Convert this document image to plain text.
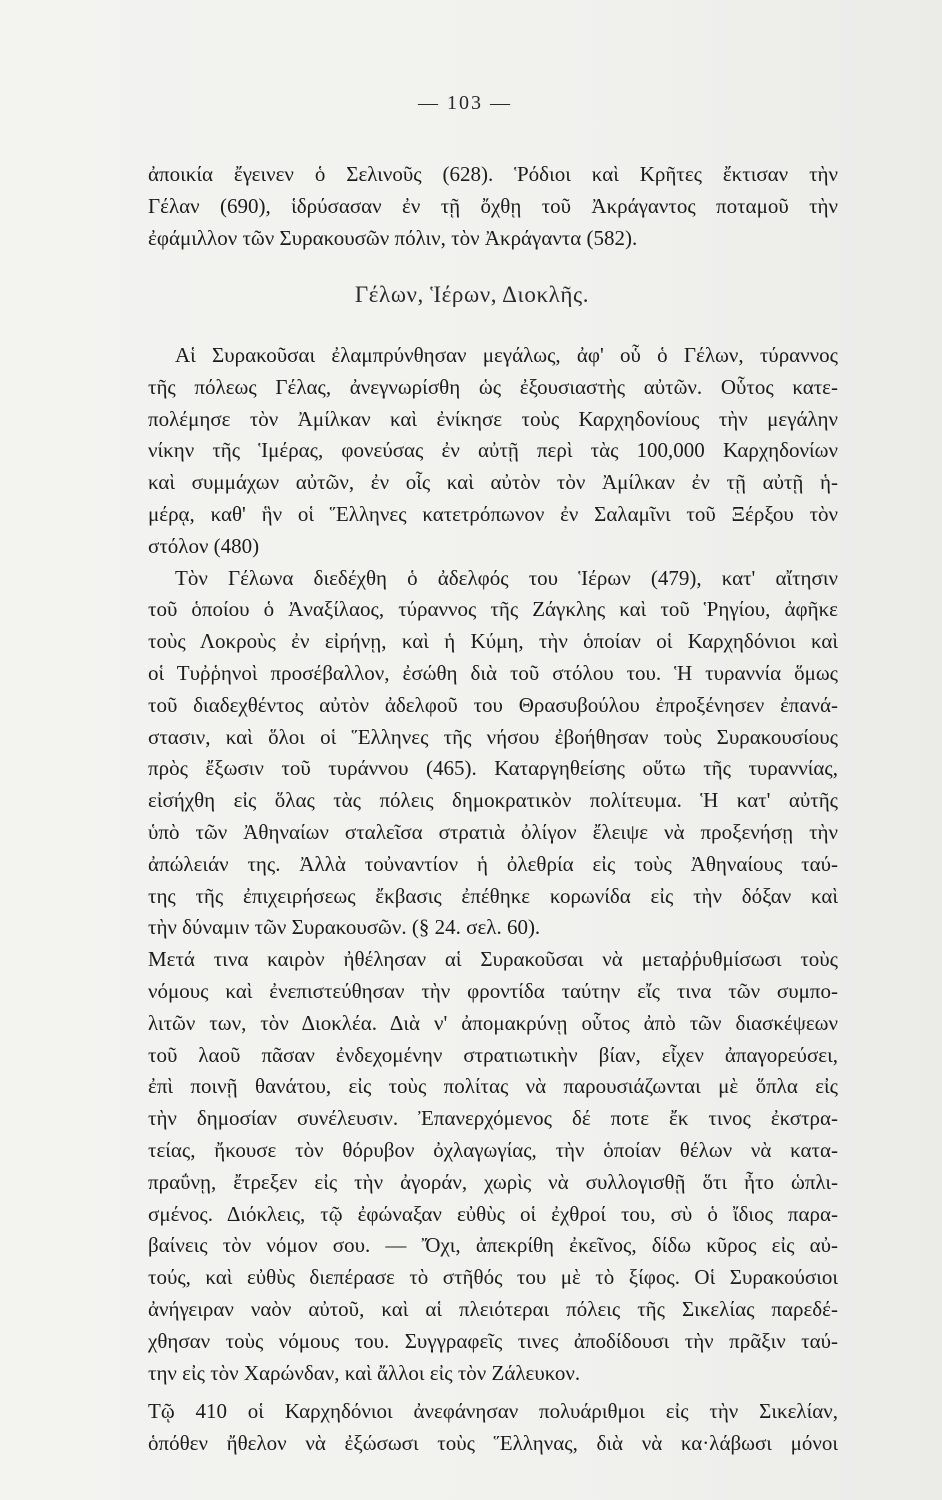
— 103 —
ἀποικία ἔγεινεν ὁ Σελινοῦς (628). Ῥόδιοι καὶ Κρῆτες ἔκτισαν τὴν
Γέλαν (690), ἱδρύσασαν ἐν τῇ ὄχθῃ τοῦ Ἀκράγαντος ποταμοῦ τὴν
ἐφάμιλλον τῶν Συρακουσῶν πόλιν, τὸν Ἀκράγαντα (582).
Γέλων, Ἱέρων, Διοκλῆς.
Αἱ Συρακοῦσαι ἐλαμπρύνθησαν μεγάλως, ἀφ' οὗ ὁ Γέλων, τύραννος
τῆς πόλεως Γέλας, ἀνεγνωρίσθη ὡς ἐξουσιαστὴς αὐτῶν. Οὗτος κατε-
πολέμησε τὸν Ἀμίλκαν καὶ ἐνίκησε τοὺς Καρχηδονίους τὴν μεγάλην
νίκην τῆς Ἱμέρας, φονεύσας ἐν αὐτῇ περὶ τὰς 100,000 Καρχηδονίων
καὶ συμμάχων αὐτῶν, ἐν οἷς καὶ αὐτὸν τὸν Ἀμίλκαν ἐν τῇ αὐτῇ ἡ-
μέρᾳ, καθ' ἣν οἱ Ἕλληνες κατετρόπωνον ἐν Σαλαμῖνι τοῦ Ξέρξου τὸν
στόλον (480)
Τὸν Γέλωνα διεδέχθη ὁ ἀδελφός του Ἱέρων (479), κατ' αἴτησιν
τοῦ ὁποίου ὁ Ἀναξίλαος, τύραννος τῆς Ζάγκλης καὶ τοῦ Ῥηγίου, ἀφῆκε
τοὺς Λοκροὺς ἐν εἰρήνῃ, καὶ ἡ Κύμη, τὴν ὁποίαν οἱ Καρχηδόνιοι καὶ
οἱ Τυῤῥηνοὶ προσέβαλλον, ἐσώθη διὰ τοῦ στόλου του. Ἡ τυραννία ὅμως
τοῦ διαδεχθέντος αὐτὸν ἀδελφοῦ του Θρασυβούλου ἐπροξένησεν ἐπανά-
στασιν, καὶ ὅλοι οἱ Ἕλληνες τῆς νήσου ἐβοήθησαν τοὺς Συρακουσίους
πρὸς ἔξωσιν τοῦ τυράννου (465). Καταργηθείσης οὕτω τῆς τυραννίας,
εἰσήχθη εἰς ὅλας τὰς πόλεις δημοκρατικὸν πολίτευμα. Ἡ κατ' αὐτῆς
ὑπὸ τῶν Ἀθηναίων σταλεῖσα στρατιὰ ὀλίγον ἔλειψε νὰ προξενήσῃ τὴν
ἀπώλειάν της. Ἀλλὰ τοὐναντίον ἡ ὀλεθρία εἰς τοὺς Ἀθηναίους ταύ-
της τῆς ἐπιχειρήσεως ἔκβασις ἐπέθηκε κορωνίδα εἰς τὴν δόξαν καὶ
τὴν δύναμιν τῶν Συρακουσῶν. (§ 24. σελ. 60).
Μετά τινα καιρὸν ἠθέλησαν αἱ Συρακοῦσαι νὰ μεταῤῥυθμίσωσι τοὺς
νόμους καὶ ἐνεπιστεύθησαν τὴν φροντίδα ταύτην εἴς τινα τῶν συμπο-
λιτῶν των, τὸν Διοκλέα. Διὰ ν' ἀπομακρύνῃ οὗτος ἀπὸ τῶν διασκέψεων
τοῦ λαοῦ πᾶσαν ἐνδεχομένην στρατιωτικὴν βίαν, εἶχεν ἀπαγορεύσει,
ἐπὶ ποινῇ θανάτου, εἰς τοὺς πολίτας νὰ παρουσιάζωνται μὲ ὅπλα εἰς
τὴν δημοσίαν συνέλευσιν. Ἐπανερχόμενος δέ ποτε ἔκ τινος ἐκστρα-
τείας, ἤκουσε τὸν θόρυβον ὀχλαγωγίας, τὴν ὁποίαν θέλων νὰ κατα-
πραΰνῃ, ἔτρεξεν εἰς τὴν ἀγοράν, χωρὶς νὰ συλλογισθῇ ὅτι ἦτο ὡπλι-
σμένος. Διόκλεις, τῷ ἐφώναξαν εὐθὺς οἱ ἐχθροί του, σὺ ὁ ἴδιος παρα-
βαίνεις τὸν νόμον σου. — Ὄχι, ἀπεκρίθη ἐκεῖνος, δίδω κῦρος εἰς αὐ-
τούς, καὶ εὐθὺς διεπέρασε τὸ στῆθός του μὲ τὸ ξίφος. Οἱ Συρακούσιοι
ἀνήγειραν ναὸν αὐτοῦ, καὶ αἱ πλειότεραι πόλεις τῆς Σικελίας παρεδέ-
χθησαν τοὺς νόμους του. Συγγραφεῖς τινες ἀποδίδουσι τὴν πρᾶξιν ταύ-
την εἰς τὸν Χαρώνδαν, καὶ ἄλλοι εἰς τὸν Ζάλευκον.
Τῷ 410 οἱ Καρχηδόνιοι ἀνεφάνησαν πολυάριθμοι εἰς τὴν Σικελίαν,
ὁπόθεν ἤθελον νὰ ἐξώσωσι τοὺς Ἕλληνας, διὰ νὰ κα·λάβωσι μόνοι
